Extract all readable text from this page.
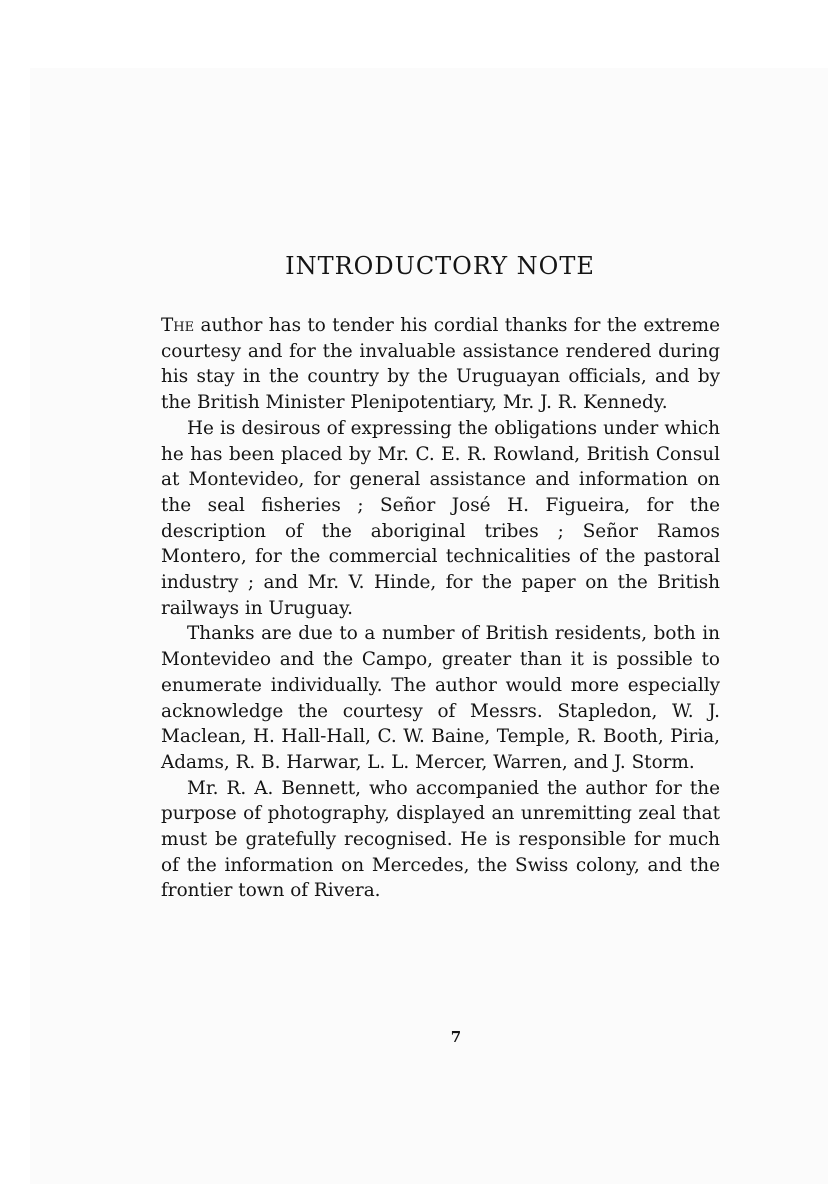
INTRODUCTORY NOTE

The author has to tender his cordial thanks for the extreme courtesy and for the invaluable assistance rendered during his stay in the country by the Uruguayan officials, and by the British Minister Plenipotentiary, Mr. J. R. Kennedy.

He is desirous of expressing the obligations under which he has been placed by Mr. C. E. R. Rowland, British Consul at Montevideo, for general assistance and information on the seal fisheries ; Señor José H. Figueira, for the description of the aboriginal tribes ; Señor Ramos Montero, for the commercial technicalities of the pastoral industry ; and Mr. V. Hinde, for the paper on the British railways in Uruguay.

Thanks are due to a number of British residents, both in Montevideo and the Campo, greater than it is possible to enumerate individually. The author would more especially acknowledge the courtesy of Messrs. Stapledon, W. J. Maclean, H. Hall-Hall, C. W. Baine, Temple, R. Booth, Piria, Adams, R. B. Harwar, L. L. Mercer, Warren, and J. Storm.

Mr. R. A. Bennett, who accompanied the author for the purpose of photography, displayed an unremitting zeal that must be gratefully recognised. He is responsible for much of the information on Mercedes, the Swiss colony, and the frontier town of Rivera.

7
